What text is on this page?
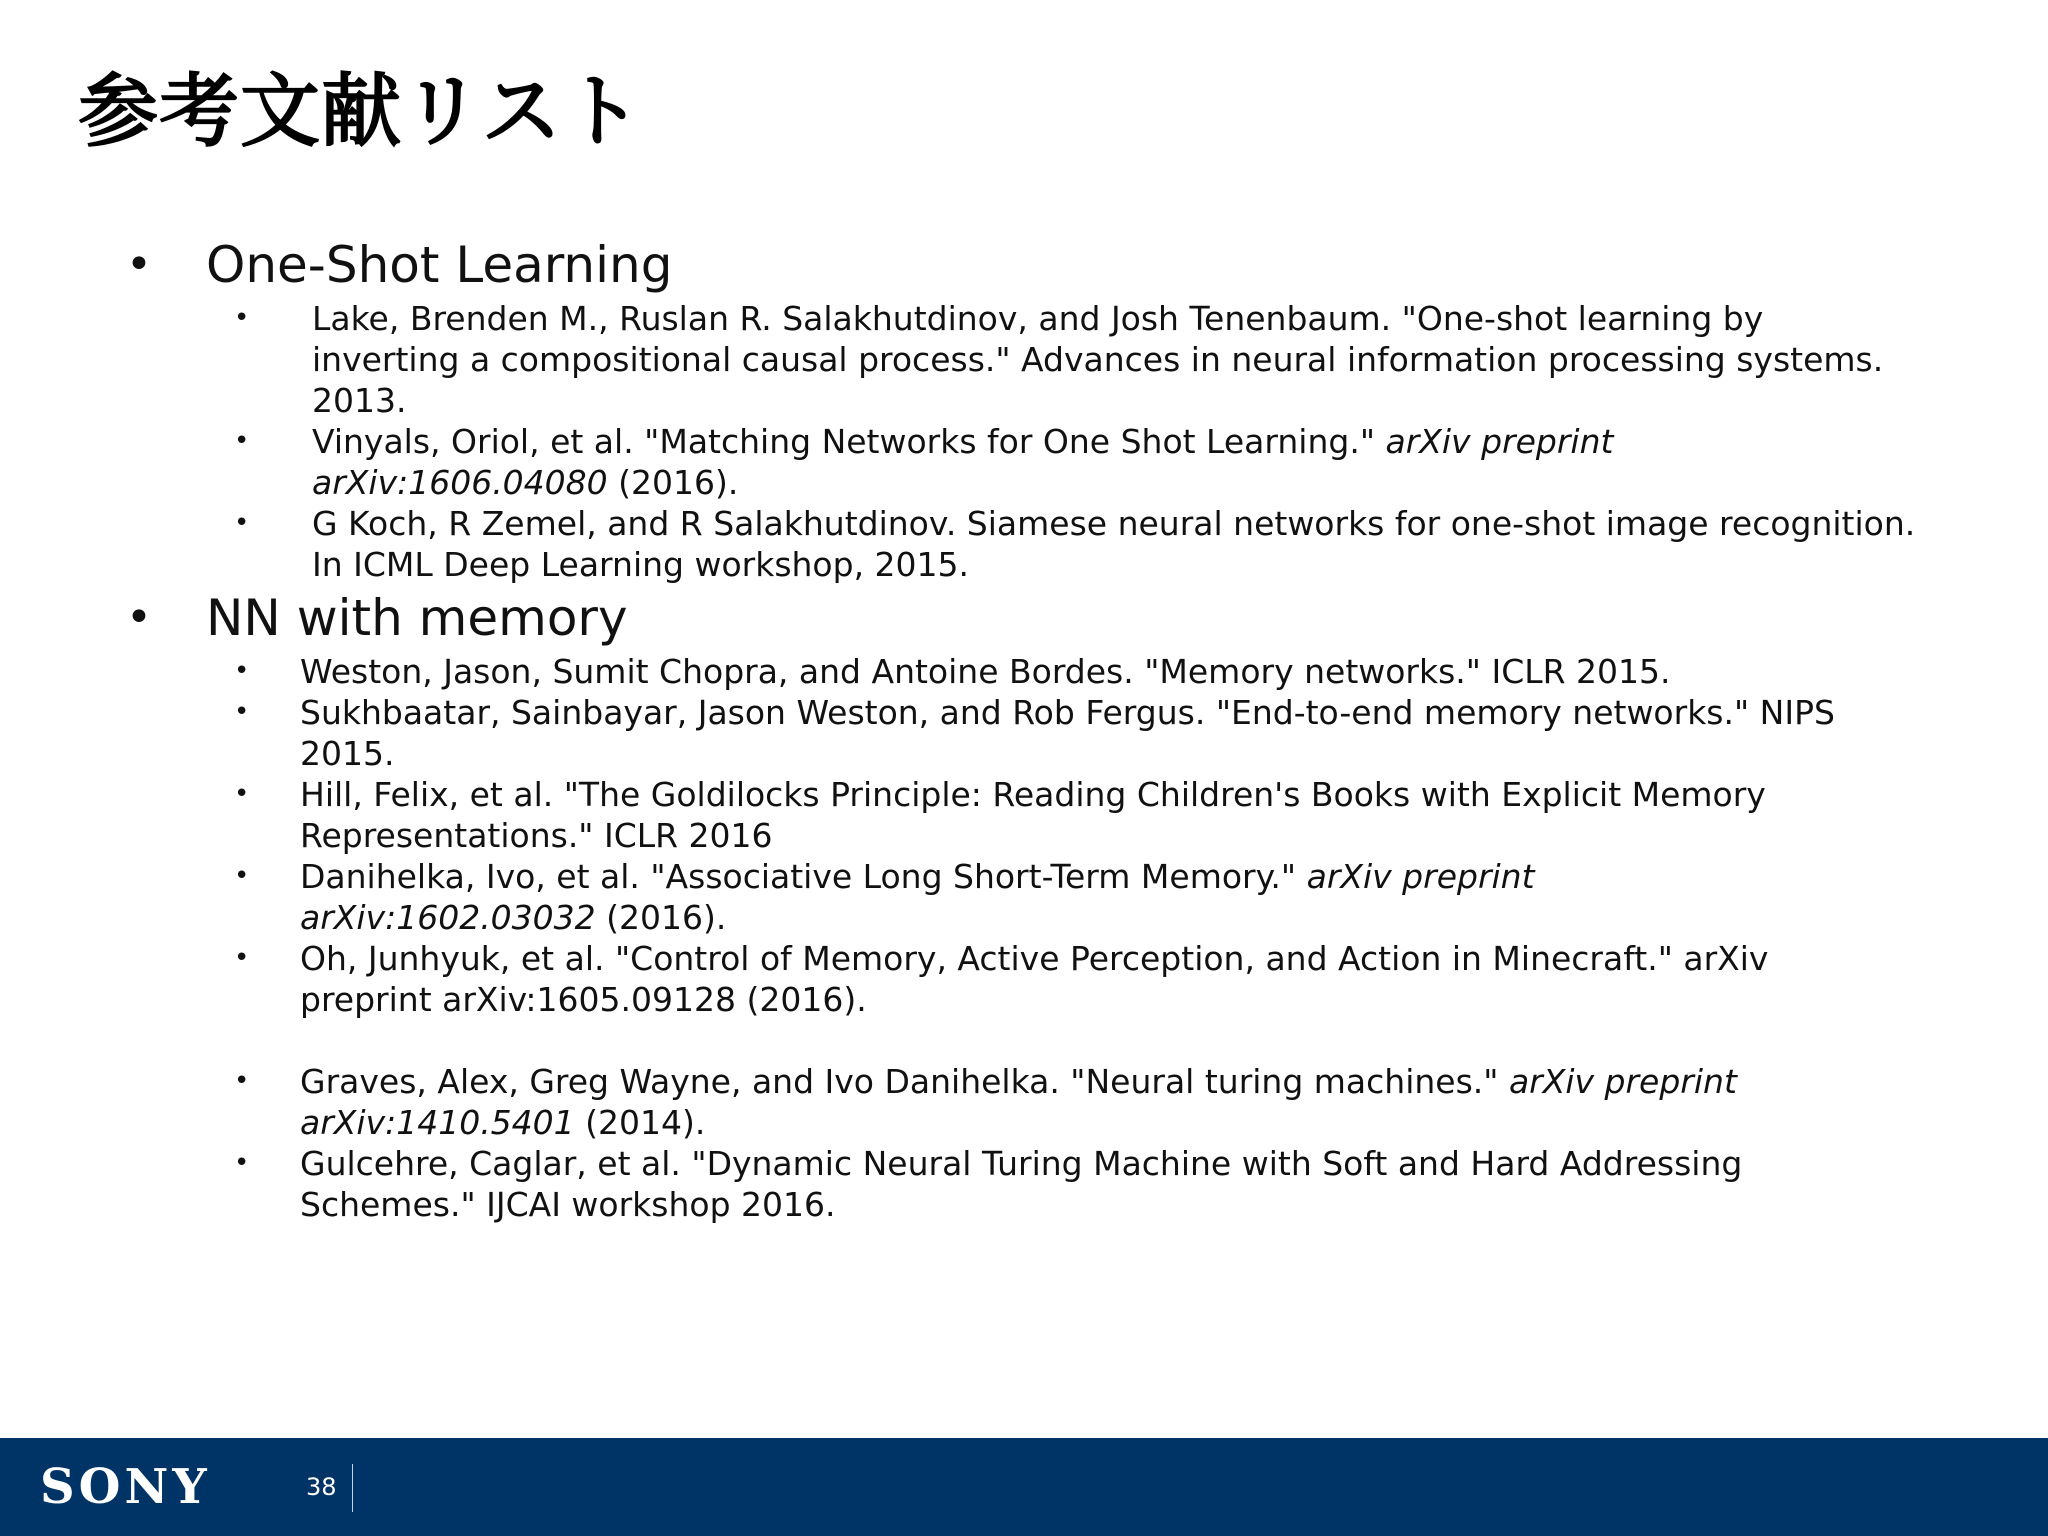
参考文献リスト
• One-Shot Learning
• Lake, Brenden M., Ruslan R. Salakhutdinov, and Josh Tenenbaum. "One-shot learning by
inverting a compositional causal process." Advances in neural information processing systems.
2013.
• Vinyals, Oriol, et al. "Matching Networks for One Shot Learning." arXiv preprint
arXiv:1606.04080 (2016).
• G Koch, R Zemel, and R Salakhutdinov. Siamese neural networks for one-shot image recognition.
In ICML Deep Learning workshop, 2015.
• NN with memory
• Weston, Jason, Sumit Chopra, and Antoine Bordes. "Memory networks." ICLR 2015.
• Sukhbaatar, Sainbayar, Jason Weston, and Rob Fergus. "End-to-end memory networks." NIPS
2015.
• Hill, Felix, et al. "The Goldilocks Principle: Reading Children's Books with Explicit Memory
Representations." ICLR 2016
• Danihelka, Ivo, et al. "Associative Long Short-Term Memory." arXiv preprint
arXiv:1602.03032 (2016).
• Oh, Junhyuk, et al. "Control of Memory, Active Perception, and Action in Minecraft." arXiv
preprint arXiv:1605.09128 (2016).
• Graves, Alex, Greg Wayne, and Ivo Danihelka. "Neural turing machines." arXiv preprint
arXiv:1410.5401 (2014).
• Gulcehre, Caglar, et al. "Dynamic Neural Turing Machine with Soft and Hard Addressing
Schemes." IJCAI workshop 2016.
SONY	38
